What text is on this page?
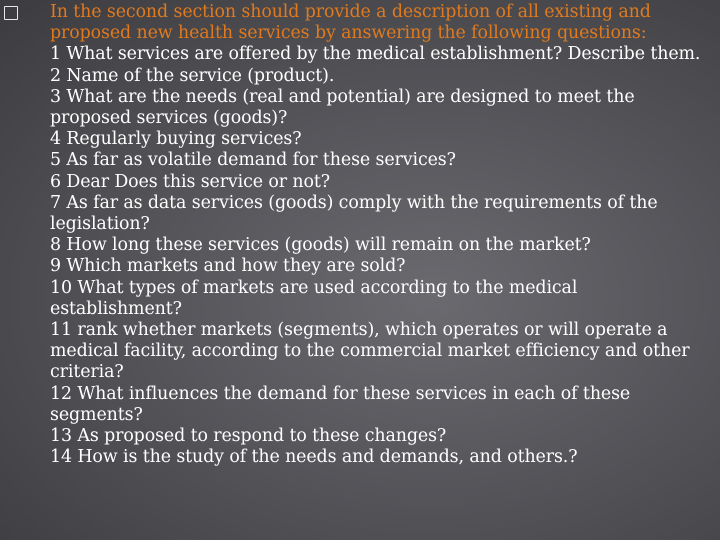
In the second section should provide a description of all existing and proposed new health services by answering the following questions:
1 What services are offered by the medical establishment? Describe them.
2 Name of the service (product).
3 What are the needs (real and potential) are designed to meet the proposed services (goods)?
4 Regularly buying services?
5 As far as volatile demand for these services?
6 Dear Does this service or not?
7 As far as data services (goods) comply with the requirements of the legislation?
8 How long these services (goods) will remain on the market?
9 Which markets and how they are sold?
10 What types of markets are used according to the medical establishment?
11 rank whether markets (segments), which operates or will operate a medical facility, according to the commercial market efficiency and other criteria?
12 What influences the demand for these services in each of these segments?
13 As proposed to respond to these changes?
14 How is the study of the needs and demands, and others.?
